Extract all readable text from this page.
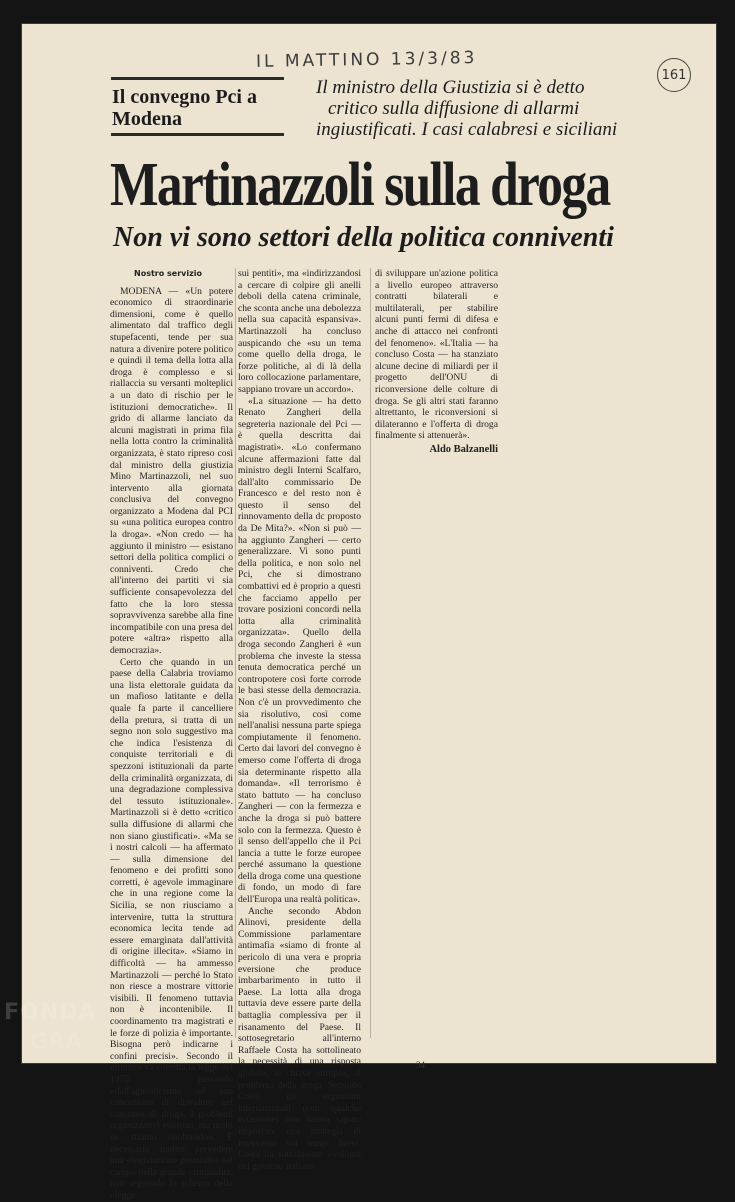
IL MATTINO 13/3/83
161
Il convegno Pci a Modena
Il ministro della Giustizia si è detto
critico sulla diffusione di allarmi
ingiustificati. I casi calabresi e siciliani
Martinazzoli sulla droga
Non vi sono settori della politica conniventi
Nostro servizio

MODENA — «Un potere economico di straordinarie dimensioni, come è quello alimentato dal traffico degli stupefacenti, tende per sua natura a divenire potere politico e quindi il tema della lotta alla droga è complesso e si riallaccia su versanti molteplici a un dato di rischio per le istituzioni democratiche». Il grido di allarme lanciato da alcuni magistrati in prima fila nella lotta contro la criminalità organizzata, è stato ripreso così dal ministro della giustizia Mino Martinazzoli, nel suo intervento alla giornata conclusiva del convegno organizzato a Modena dal PCI su «una politica europea contro la droga». «Non credo — ha aggiunto il ministro — esistano settori della politica complici o conniventi. Credo che all'interno dei partiti vi sia sufficiente consapevolezza del fatto che la loro stessa sopravvivenza sarebbe alla fine incompatibile con una presa del potere «altra» rispetto alla democrazia».

Certo che quando in un paese della Calabria troviamo una lista elettorale guidata da un mafioso latitante e della quale fa parte il cancelliere della pretura, si tratta di un segno non solo suggestivo ma che indica l'esistenza di conquiste territoriali e di spezzoni istituzionali da parte della criminalità organizzata, di una degradazione complessiva del tessuto istituzionale». Martinazzoli si è detto «critico sulla diffusione di allarmi che non siano giustificati». «Ma se i nostri calcoli — ha affermato — sulla dimensione del fenomeno e dei profitti sono corretti, è agevole immaginare che in una regione come la Sicilia, se non riusciamo a intervenire, tutta la struttura economica lecita tende ad essere emarginata dall'attività di origine illecita». «Siamo in difficoltà — ha ammesso Martinazzoli — perché lo Stato non riesce a mostrare vittorie visibili. Il fenomeno tuttavia non è incontenibile. Il coordinamento tra magistrati e le forze di polizia è importante. Bisogna però indicarne i confini precisi». Secondo il ministro va corretta la legge del 1975 passando «dall'agnosticismo ad una concezione di disvalore nel consumo di droga. I problemi organizzativi esistono, ma molti ne stiamo risolvendo». È necessario inoltre prevedere una «legislazione premiale» nel campo della grande criminalità, non seguendo lo schema della «legge

sui pentiti», ma «indirizzandosi a cercare di colpire gli anelli deboli della catena criminale, che sconta anche una debolezza nella sua capacità espansiva». Martinazzoli ha concluso auspicando che «su un tema come quello della droga, le forze politiche, al di là della loro collocazione parlamentare, sappiano trovare un accordo».

«La situazione — ha detto Renato Zangheri della segreteria nazionale del Pci — è quella descritta dai magistrati». «Lo confermano alcune affermazioni fatte dal ministro degli Interni Scalfaro, dall'alto commissario De Francesco e del resto non è questo il senso del rinnovamento della dc proposto da De Mita?». «Non si può — ha aggiunto Zangheri — certo generalizzare. Vi sono punti della politica, e non solo nel Pci, che si dimostrano combattivi ed è proprio a questi che facciamo appello per trovare posizioni concordi nella lotta alla criminalità organizzata». Quello della droga secondo Zangheri è «un problema che investe la stessa tenuta democratica perché un contropotere così forte corrode le basi stesse della democrazia. Non c'è un provvedimento che sia risolutivo, così come nell'analisi nessuna parte spiega compiutamente il fenomeno. Certo dai lavori del convegno è emerso come l'offerta di droga sia determinante rispetto alla domanda». «Il terrorismo è stato battuto — ha concluso Zangheri — con la fermezza e anche la droga si può battere solo con la fermezza. Questo è il senso dell'appello che il Pci lancia a tutte le forze europee perché assumano la questione della droga come una questione di fondo, un modo di fare dell'Europa una realtà politica».

Anche secondo Abdon Alinovi, presidente della Commissione parlamentare antimafia «siamo di fronte al pericolo di una vera e propria eversione che produce imbarbarimento in tutto il Paese. La lotta alla droga tuttavia deve essere parte della battaglia complessiva per il risanamento del Paese. Il sottosegretario all'interno Raffaele Costa ha sottolineato la necessità di una risposta globale, in chiave europea, al problema della droga. Secondo Costa gli organismi internazionali (con qualche eccezione) non hanno saputo impostare una strategia di intervento sui tempi brevi. Costa ha sottolineato «volontà del governo italiano

di sviluppare un'azione politica a livello europeo attraverso contratti bilaterali e multilaterali, per stabilire alcuni punti fermi di difesa e anche di attacco nei confronti del fenomeno». «L'Italia — ha concluso Costa — ha stanziato alcune decine di miliardi per il progetto dell'ONU di riconversione delle colture di droga. Se gli altri stati faranno altrettanto, le riconversioni si dilateranno e l'offerta di droga finalmente si attenuerà».

Aldo Balzanelli
34
FONDA
GRA
